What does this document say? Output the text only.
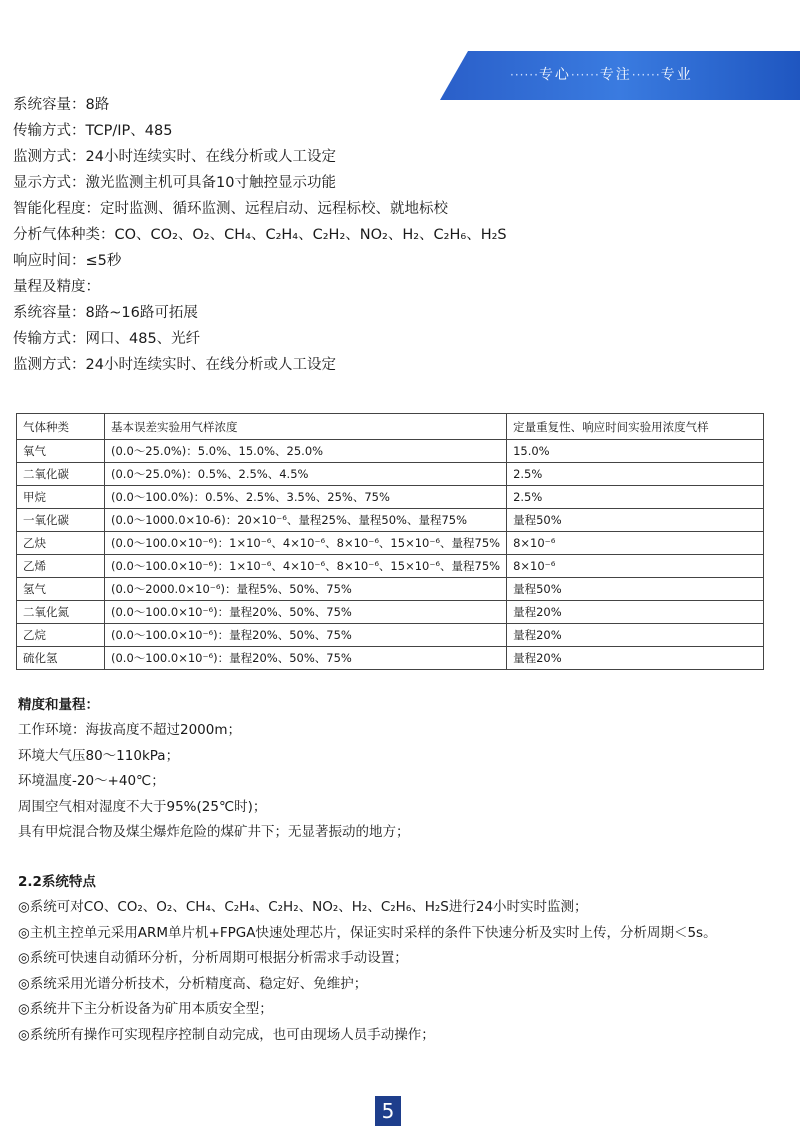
······专心······专注······专业
系统容量：8路
传输方式：TCP/IP、485
监测方式：24小时连续实时、在线分析或人工设定
显示方式：激光监测主机可具备10寸触控显示功能
智能化程度：定时监测、循环监测、远程启动、远程标校、就地标校
分析气体种类：CO、CO₂、O₂、CH₄、C₂H₄、C₂H₂、NO₂、H₂、C₂H₆、H₂S
响应时间：≤5秒
量程及精度：
系统容量：8路~16路可拓展
传输方式：网口、485、光纤
监测方式：24小时连续实时、在线分析或人工设定
气体种类	基本误差实验用气样浓度	定量重复性、响应时间实验用浓度气样
氧气	(0.0～25.0%)：5.0%、15.0%、25.0%	15.0%
二氧化碳	(0.0～25.0%)：0.5%、2.5%、4.5%	2.5%
甲烷	(0.0～100.0%)：0.5%、2.5%、3.5%、25%、75%	2.5%
一氧化碳	(0.0～1000.0×10-6)：20×10⁻⁶、量程25%、量程50%、量程75%	量程50%
乙炔	(0.0～100.0×10⁻⁶)：1×10⁻⁶、4×10⁻⁶、8×10⁻⁶、15×10⁻⁶、量程75%	8×10⁻⁶
乙烯	(0.0～100.0×10⁻⁶)：1×10⁻⁶、4×10⁻⁶、8×10⁻⁶、15×10⁻⁶、量程75%	8×10⁻⁶
氢气	(0.0～2000.0×10⁻⁶)：量程5%、50%、75%	量程50%
二氧化氮	(0.0～100.0×10⁻⁶)：量程20%、50%、75%	量程20%
乙烷	(0.0～100.0×10⁻⁶)：量程20%、50%、75%	量程20%
硫化氢	(0.0～100.0×10⁻⁶)：量程20%、50%、75%	量程20%
精度和量程：
工作环境：海拔高度不超过2000m；
环境大气压80～110kPa；
环境温度-20～+40℃；
周围空气相对湿度不大于95%(25℃时)；
具有甲烷混合物及煤尘爆炸危险的煤矿井下；无显著振动的地方；
2.2系统特点
◎系统可对CO、CO₂、O₂、CH₄、C₂H₄、C₂H₂、NO₂、H₂、C₂H₆、H₂S进行24小时实时监测；
◎主机主控单元采用ARM单片机+FPGA快速处理芯片，保证实时采样的条件下快速分析及实时上传，分析周期＜5s。
◎系统可快速自动循环分析，分析周期可根据分析需求手动设置；
◎系统采用光谱分析技术，分析精度高、稳定好、免维护；
◎系统井下主分析设备为矿用本质安全型；
◎系统所有操作可实现程序控制自动完成，也可由现场人员手动操作；
5
